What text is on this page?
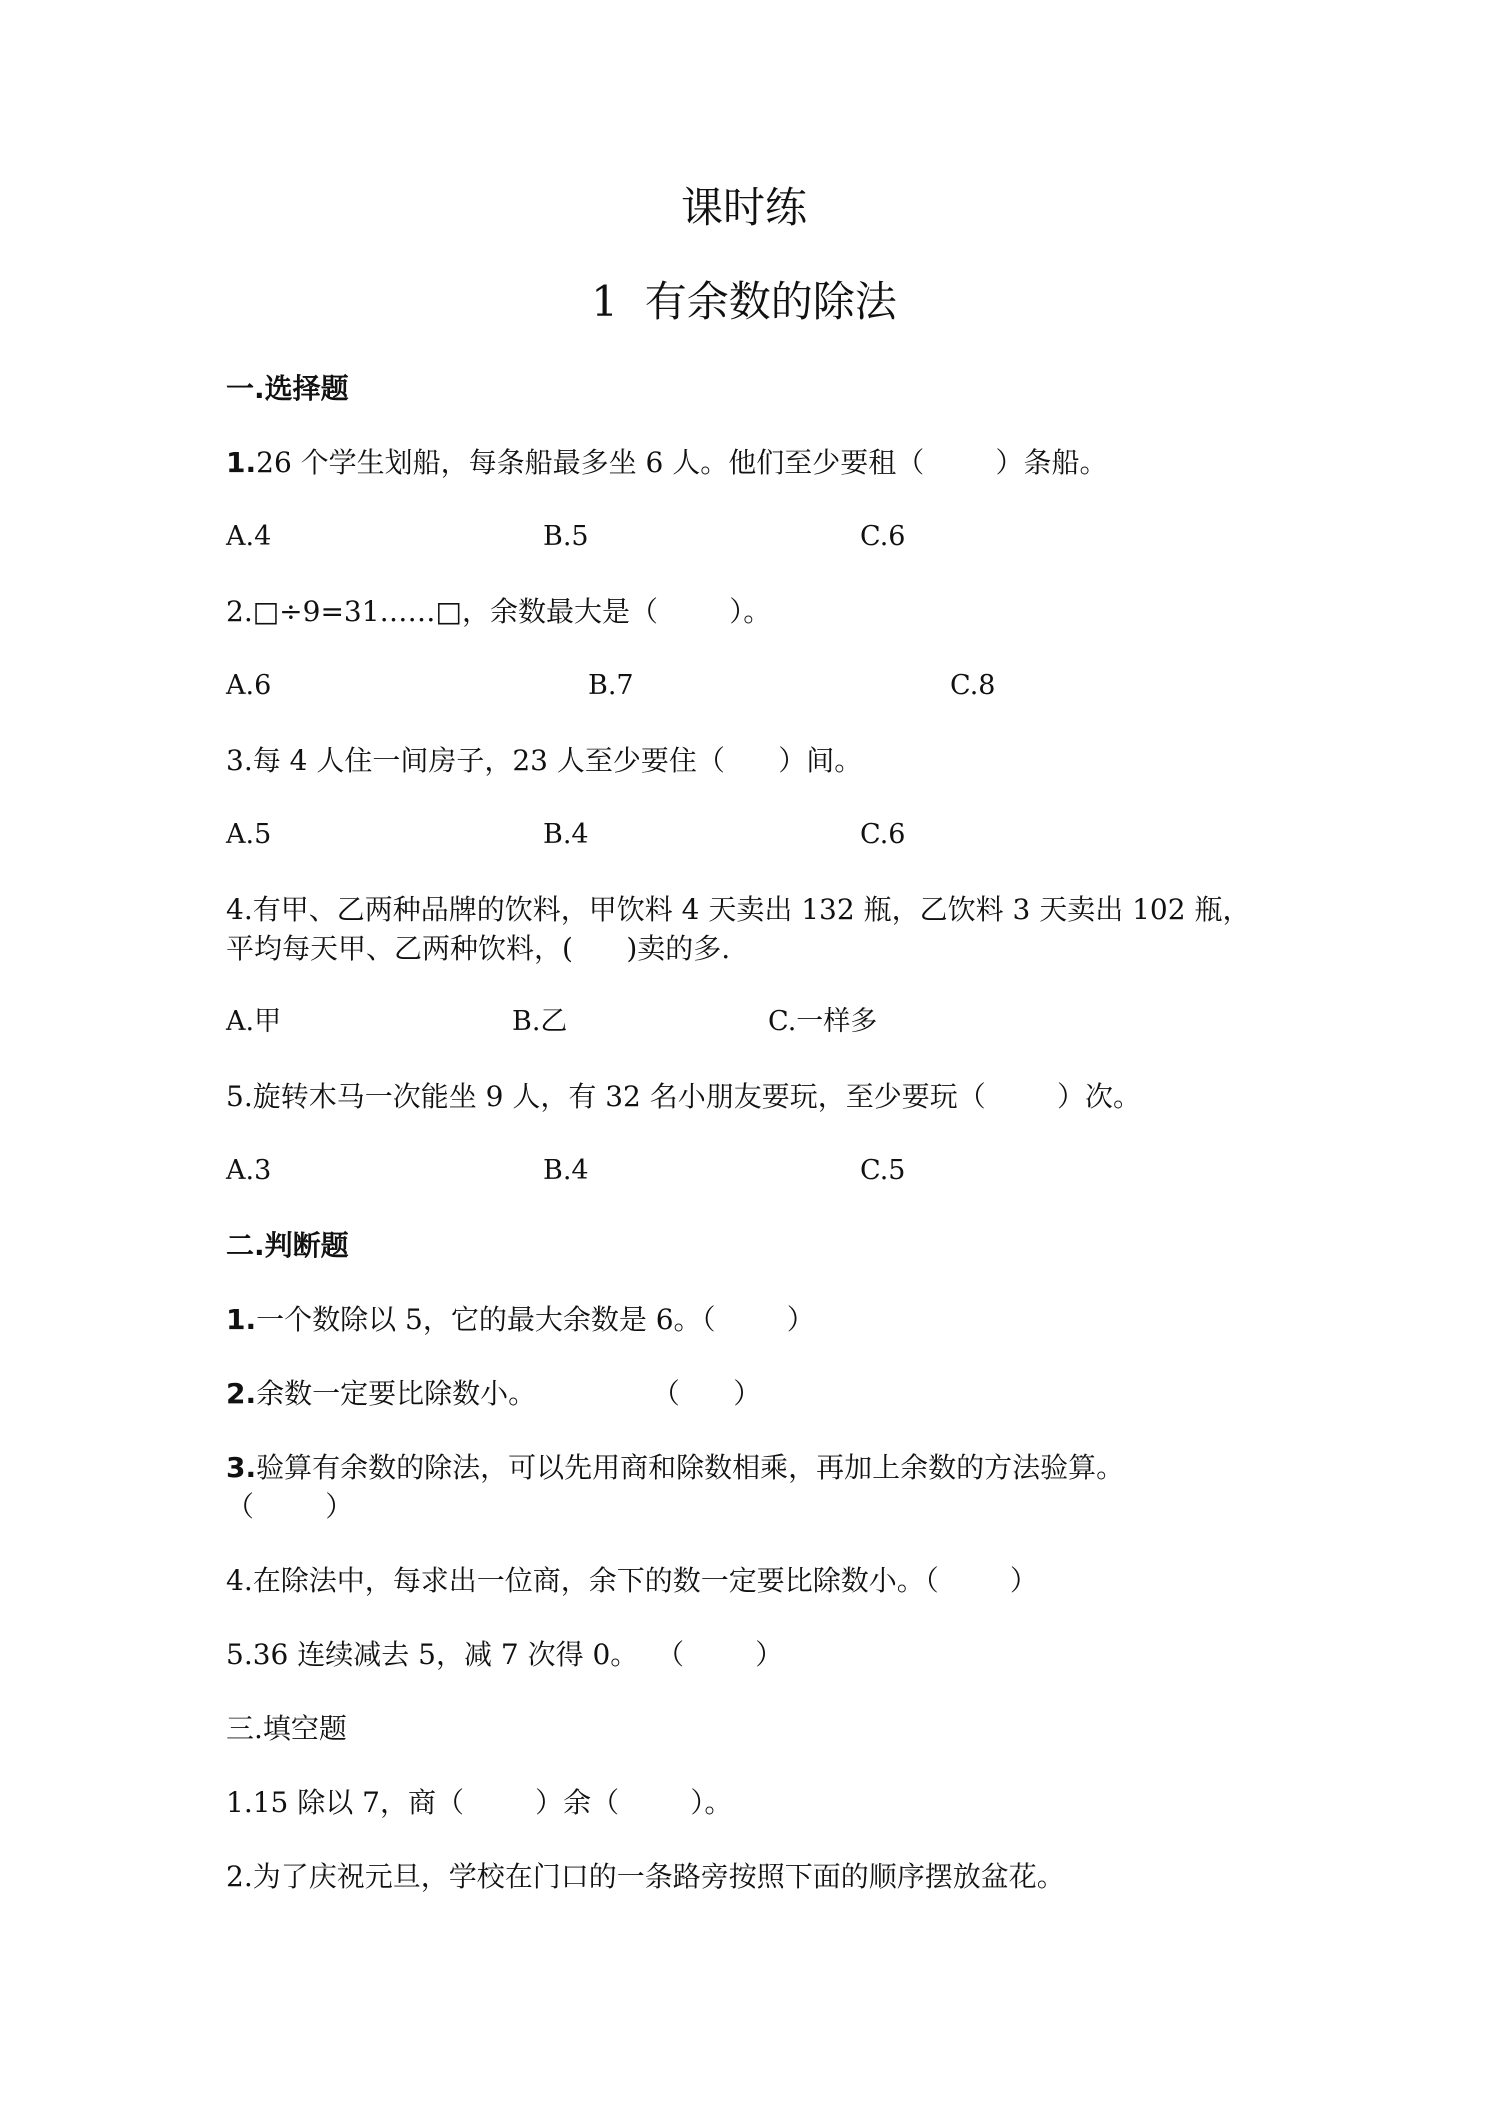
课时练
1  有余数的除法
一.选择题
1.26 个学生划船，每条船最多坐 6 人。他们至少要租（        ）条船。
A.4	B.5	C.6
2.□÷9=31……□，余数最大是（        ）。
A.6	B.7	C.8
3.每 4 人住一间房子，23 人至少要住（      ）间。
A.5	B.4	C.6
4.有甲、乙两种品牌的饮料，甲饮料 4 天卖出 132 瓶，乙饮料 3 天卖出 102 瓶，
平均每天甲、乙两种饮料，(      )卖的多.
A.甲	B.乙	C.一样多
5.旋转木马一次能坐 9 人，有 32 名小朋友要玩，至少要玩（        ）次。
A.3	B.4	C.5
二.判断题
1.一个数除以 5，它的最大余数是 6。（        ）
2.余数一定要比除数小。             （      ）
3.验算有余数的除法，可以先用商和除数相乘，再加上余数的方法验算。
（        ）
4.在除法中，每求出一位商，余下的数一定要比除数小。（        ）
5.36 连续减去 5，减 7 次得 0。  （        ）
三.填空题
1.15 除以 7，商（        ）余（        ）。
2.为了庆祝元旦，学校在门口的一条路旁按照下面的顺序摆放盆花。
